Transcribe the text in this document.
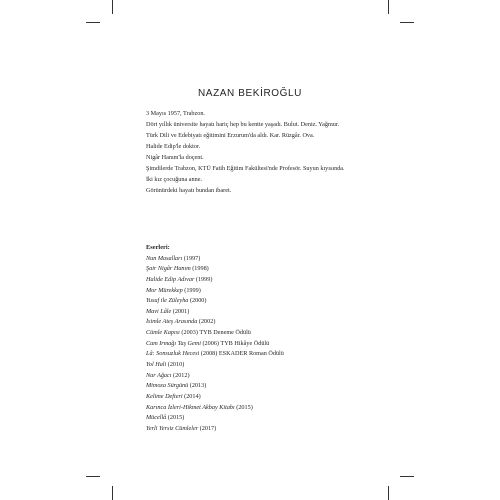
NAZAN BEKİROĞLU

3 Mayıs 1957, Trabzon.

Dört yıllık üniversite hayatı hariç hep bu kentte yaşadı. Bulut. Deniz. Yağmur.

Türk Dili ve Edebiyatı eğitimini Erzurum'da aldı. Kar. Rüzgâr. Ova.

Halide Edip'le doktor.

Nigâr Hanım'la doçent.

Şimdilerde Trabzon, KTÜ Fatih Eğitim Fakültesi'nde Profesör. Suyun kıyısında.

İki kız çocuğuna anne.

Görünürdeki hayatı bundan ibaret.

Eserleri:
Nun Masalları (1997)
Şair Nigâr Hanım (1998)
Halide Edip Adıvar (1999)
Mor Mürekkep (1999)
Yusuf ile Züleyha (2000)
Mavi Lâle (2001)
İsimle Ateş Arasında (2002)
Cümle Kapısı (2003) TYB Deneme Ödülü
Cam Irmağı Taş Gemi (2006) TYB Hikâye Ödülü
Lâ: Sonsuzluk Hecesi (2008) ESKADER Roman Ödülü
Yol Hali (2010)
Nar Ağacı (2012)
Mimoza Sürgünü (2013)
Kelime Defteri (2014)
Karınca İzleri-Hikmet Akbay Kitabı (2015)
Mücellâ (2015)
Yerli Yersiz Cümleler (2017)
